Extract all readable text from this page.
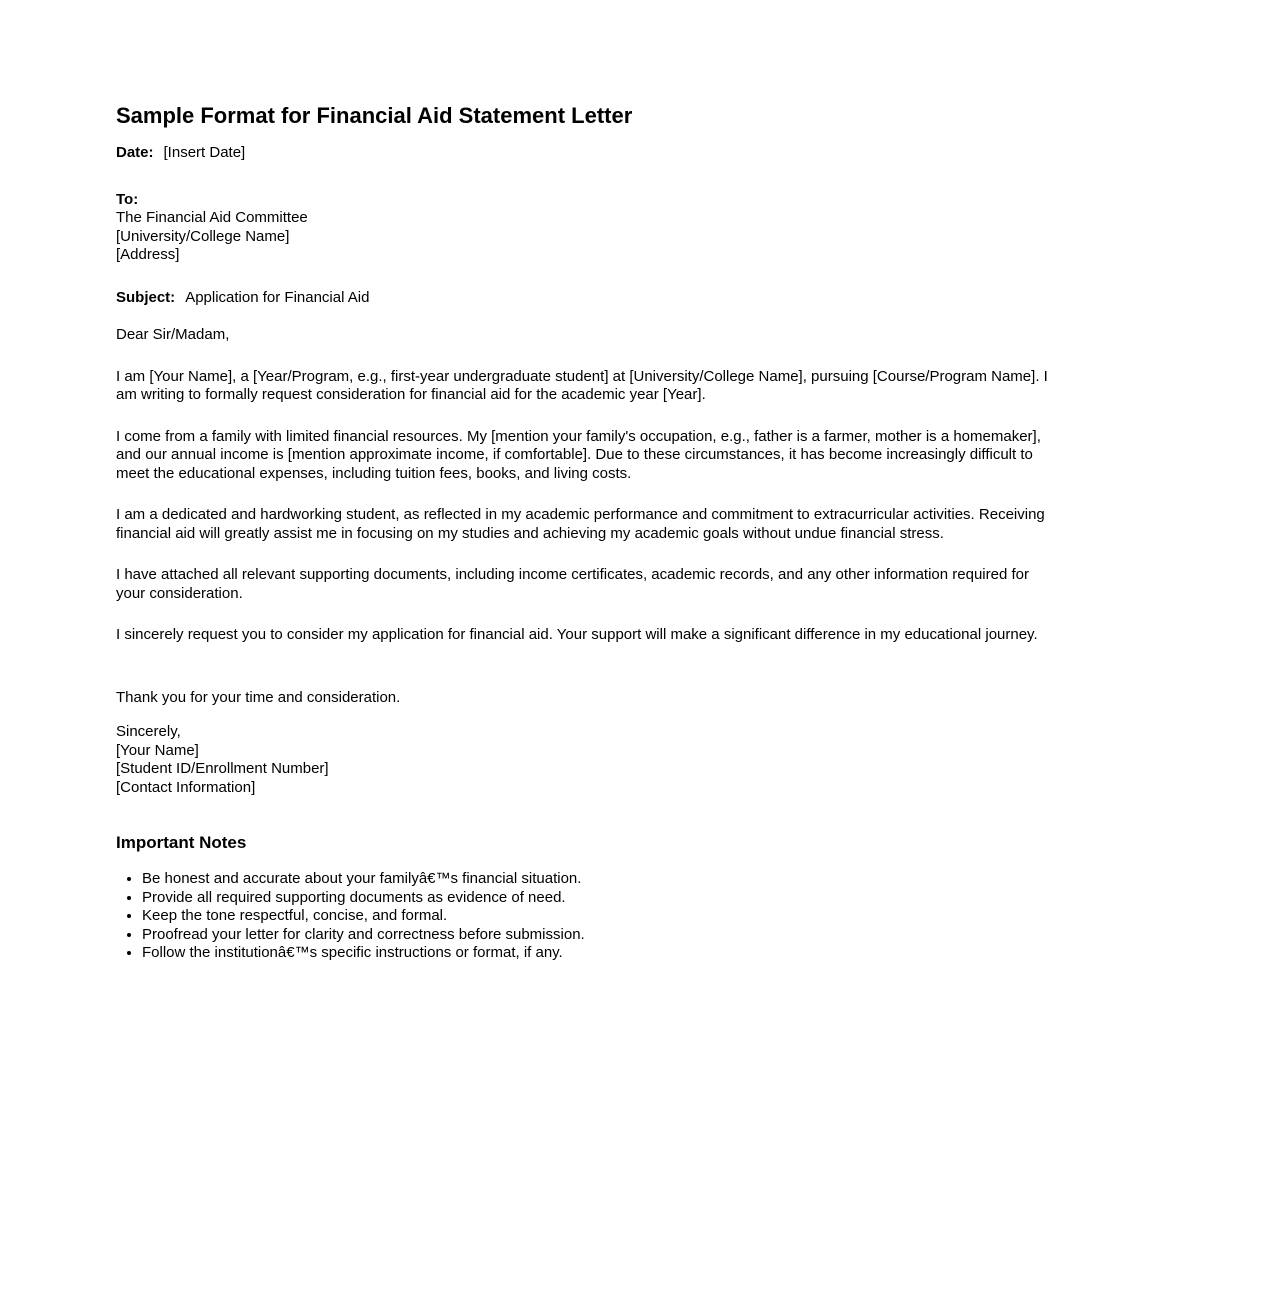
Sample Format for Financial Aid Statement Letter
Date: [Insert Date]
To:
The Financial Aid Committee
[University/College Name]
[Address]
Subject: Application for Financial Aid
Dear Sir/Madam,

I am [Your Name], a [Year/Program, e.g., first-year undergraduate student] at [University/College Name], pursuing [Course/Program Name]. I am writing to formally request consideration for financial aid for the academic year [Year].

I come from a family with limited financial resources. My [mention your family's occupation, e.g., father is a farmer, mother is a homemaker], and our annual income is [mention approximate income, if comfortable]. Due to these circumstances, it has become increasingly difficult to meet the educational expenses, including tuition fees, books, and living costs.

I am a dedicated and hardworking student, as reflected in my academic performance and commitment to extracurricular activities. Receiving financial aid will greatly assist me in focusing on my studies and achieving my academic goals without undue financial stress.

I have attached all relevant supporting documents, including income certificates, academic records, and any other information required for your consideration.

I sincerely request you to consider my application for financial aid. Your support will make a significant difference in my educational journey.

Thank you for your time and consideration.

Sincerely,
[Your Name]
[Student ID/Enrollment Number]
[Contact Information]
Important Notes
• Be honest and accurate about your familyâ€™s financial situation.
• Provide all required supporting documents as evidence of need.
• Keep the tone respectful, concise, and formal.
• Proofread your letter for clarity and correctness before submission.
• Follow the institutionâ€™s specific instructions or format, if any.
